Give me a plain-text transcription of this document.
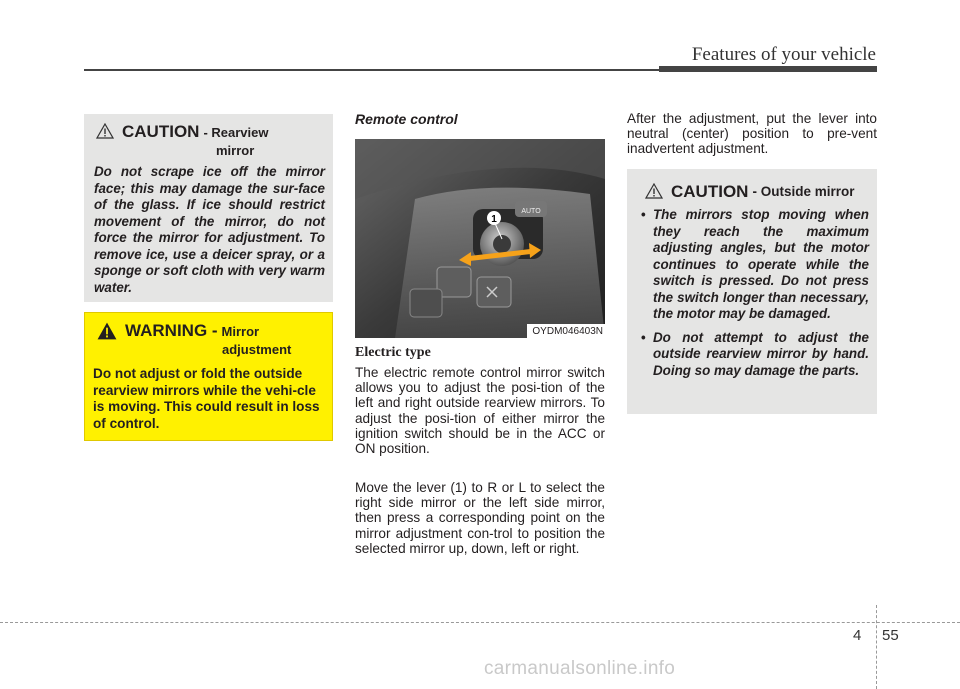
Features of your vehicle
CAUTION - Rearview
mirror
Do not scrape ice off the mirror face; this may damage the sur-face of the glass. If ice should restrict movement of the mirror, do not force the mirror for adjustment. To remove ice, use a deicer spray, or a sponge or soft cloth with very warm water.
WARNING - Mirror
adjustment
Do not adjust or fold the outside rearview mirrors while the vehi-cle is moving. This could result in loss of control.
Remote control
AUTO
1
OYDM046403N
Electric type

The electric remote control mirror switch allows you to adjust the posi-tion of the left and right outside rearview mirrors. To adjust the posi-tion of either mirror the ignition switch should be in the ACC or ON position.

Move the lever (1) to R or L to select the right side mirror or the left side mirror, then press a corresponding point on the mirror adjustment con-trol to position the selected mirror up, down, left or right.

After the adjustment, put the lever into neutral (center) position to pre-vent inadvertent adjustment.

CAUTION - Outside mirror
• The mirrors stop moving when they reach the maximum adjusting angles, but the motor continues to operate while the switch is pressed. Do not press the switch longer than necessary, the motor may be damaged.
• Do not attempt to adjust the outside rearview mirror by hand. Doing so may damage the parts.
4 55
carmanualsonline.info
